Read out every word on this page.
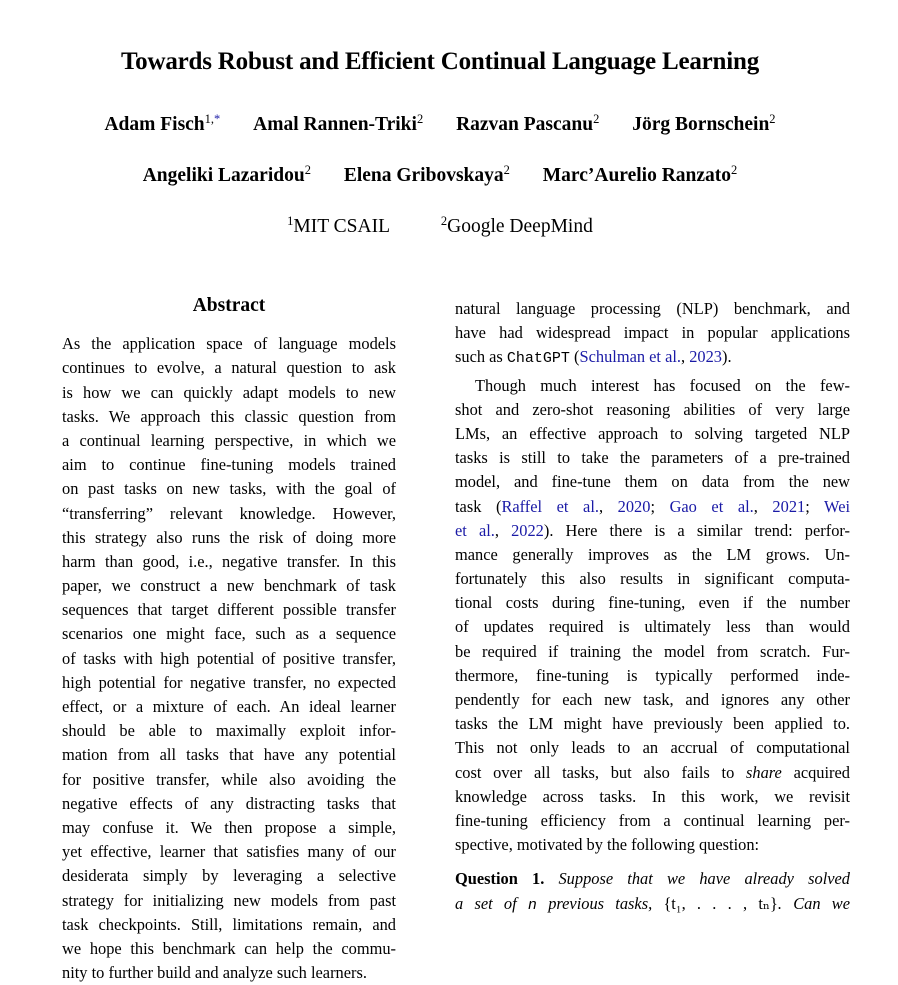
Towards Robust and Efficient Continual Language Learning
Adam Fisch$^{1,*}$ Amal Rannen-Triki$^2$ Razvan Pascanu$^2$ Jörg Bornschein$^2$
Angeliki Lazaridou$^2$ Elena Gribovskaya$^2$ Marc’Aurelio Ranzato$^2$
$^1$MIT CSAIL	$^2$Google DeepMind
Abstract
As the application space of language models
continues to evolve, a natural question to ask
is how we can quickly adapt models to new
tasks. We approach this classic question from
a continual learning perspective, in which we
aim to continue fine-tuning models trained
on past tasks on new tasks, with the goal of
“transferring” relevant knowledge. However,
this strategy also runs the risk of doing more
harm than good, i.e., negative transfer. In this
paper, we construct a new benchmark of task
sequences that target different possible transfer
scenarios one might face, such as a sequence
of tasks with high potential of positive transfer,
high potential for negative transfer, no expected
effect, or a mixture of each. An ideal learner
should be able to maximally exploit infor-
mation from all tasks that have any potential
for positive transfer, while also avoiding the
negative effects of any distracting tasks that
may confuse it. We then propose a simple,
yet effective, learner that satisfies many of our
desiderata simply by leveraging a selective
strategy for initializing new models from past
task checkpoints. Still, limitations remain, and
we hope this benchmark can help the commu-
nity to further build and analyze such learners.
natural language processing (NLP) benchmark, and
have had widespread impact in popular applications
such as ChatGPT (Schulman et al., 2023).
Though much interest has focused on the few-
shot and zero-shot reasoning abilities of very large
LMs, an effective approach to solving targeted NLP
tasks is still to take the parameters of a pre-trained
model, and fine-tune them on data from the new
task (Raffel et al., 2020; Gao et al., 2021; Wei
et al., 2022). Here there is a similar trend: perfor-
mance generally improves as the LM grows. Un-
fortunately this also results in significant computa-
tional costs during fine-tuning, even if the number
of updates required is ultimately less than would
be required if training the model from scratch. Fur-
thermore, fine-tuning is typically performed inde-
pendently for each new task, and ignores any other
tasks the LM might have previously been applied to.
This not only leads to an accrual of computational
cost over all tasks, but also fails to share acquired
knowledge across tasks. In this work, we revisit
fine-tuning efficiency from a continual learning per-
spective, motivated by the following question:
Question 1. Suppose that we have already solved
a set of n previous tasks, {t₁, . . . , tₙ}. Can we
